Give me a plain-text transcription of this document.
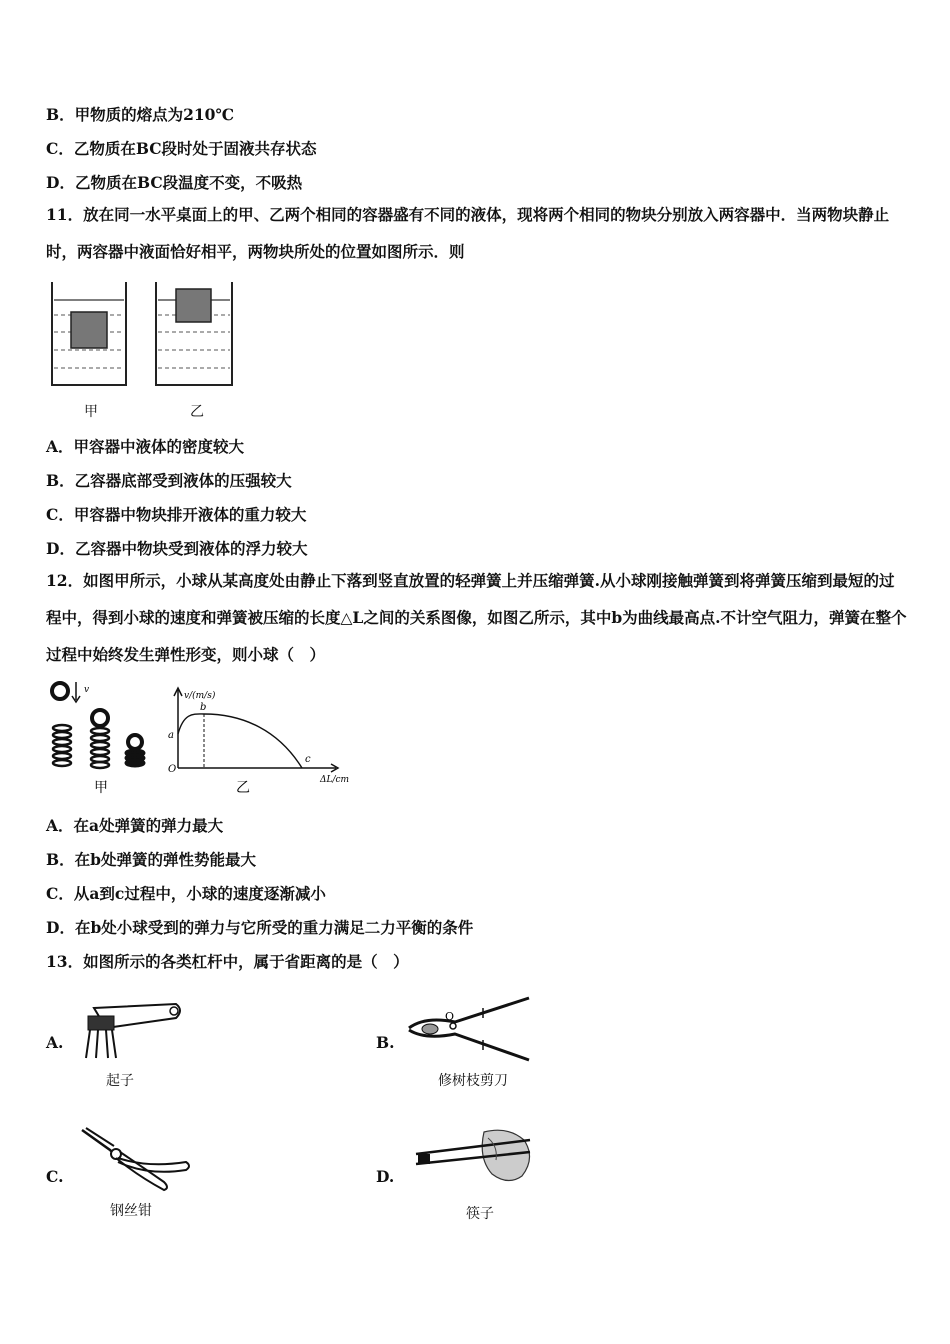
B．甲物质的熔点为210℃
C．乙物质在BC段时处于固液共存状态
D．乙物质在BC段温度不变，不吸热
11．放在同一水平桌面上的甲、乙两个相同的容器盛有不同的液体，现将两个相同的物块分别放入两容器中．当两物块静止时，两容器中液面恰好相平，两物块所处的位置如图所示．则
甲	乙
A．甲容器中液体的密度较大
B．乙容器底部受到液体的压强较大
C．甲容器中物块排开液体的重力较大
D．乙容器中物块受到液体的浮力较大
12．如图甲所示，小球从某高度处由静止下落到竖直放置的轻弹簧上并压缩弹簧.从小球刚接触弹簧到将弹簧压缩到最短的过程中，得到小球的速度和弹簧被压缩的长度△L之间的关系图像，如图乙所示，其中b为曲线最高点.不计空气阻力，弹簧在整个过程中始终发生弹性形变，则小球（　）
v
v/(m/s)
ΔL/cm
a
b
c
O
甲	乙
A．在a处弹簧的弹力最大
B．在b处弹簧的弹性势能最大
C．从a到c过程中，小球的速度逐渐减小
D．在b处小球受到的弹力与它所受的重力满足二力平衡的条件
13．如图所示的各类杠杆中，属于省距离的是（　）
A.
起子
B.
O
修树枝剪刀
C.
钢丝钳
D.
筷子
